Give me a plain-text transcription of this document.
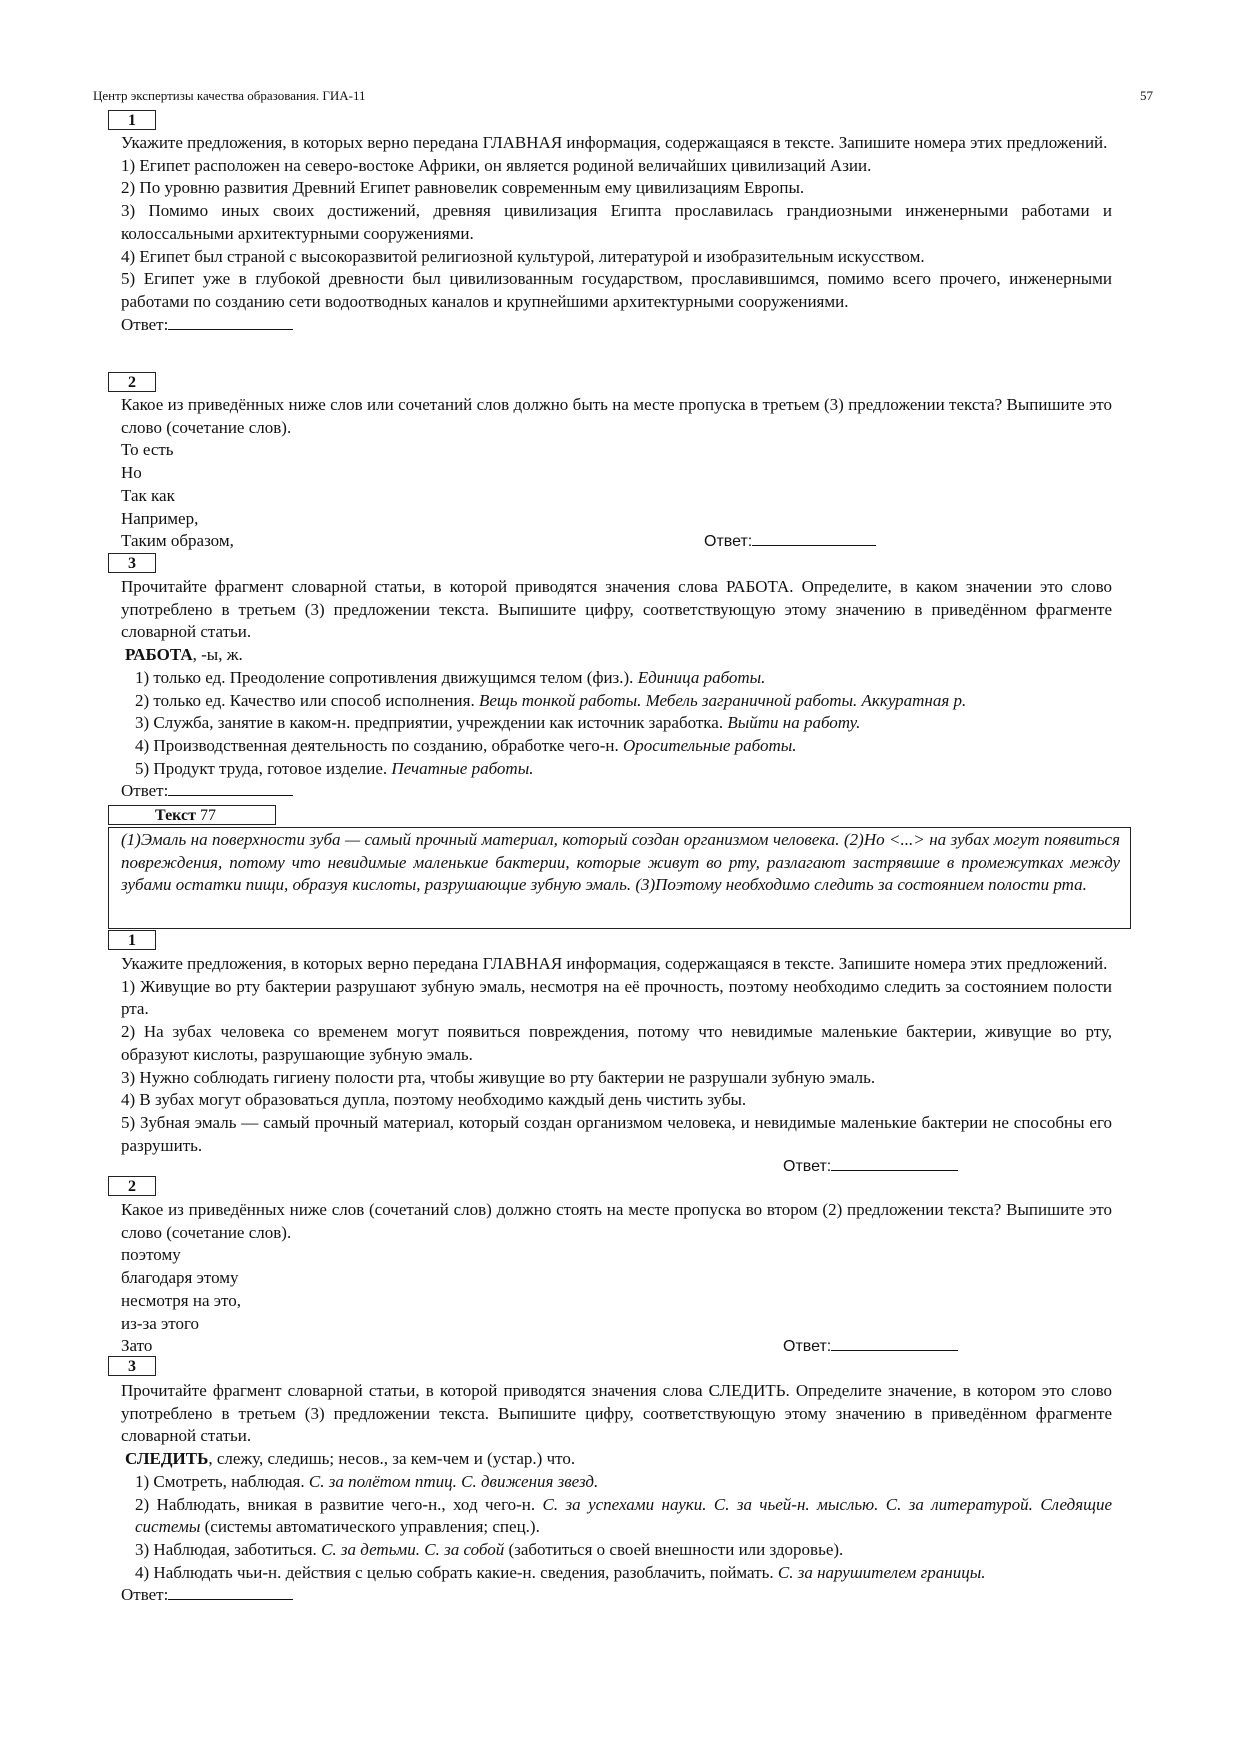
Центр экспертизы качества образования. ГИА-11	57
1

Укажите предложения, в которых верно передана ГЛАВНАЯ информация, содержащаяся в тексте. Запишите номера этих предложений.

1) Египет расположен на северо-востоке Африки, он является родиной величайших цивилизаций Азии.

2) По уровню развития Древний Египет равновелик современным ему цивилизациям Европы.

3) Помимо иных своих достижений, древняя цивилизация Египта прославилась грандиозными инженерными работами и колоссальными архитектурными сооружениями.

4) Египет был страной с высокоразвитой религиозной культурой, литературой и изобразительным искусством.

5) Египет уже в глубокой древности был цивилизованным государством, прославившимся, помимо всего прочего, инженерными работами по созданию сети водоотводных каналов и крупнейшими архитектурными сооружениями.

Ответ:

2

Какое из приведённых ниже слов или сочетаний слов должно быть на месте пропуска в третьем (3) предложении текста? Выпишите это слово (сочетание слов).

То есть

Но

Так как

Например,

Таким образом,	Ответ:
3

Прочитайте фрагмент словарной статьи, в которой приводятся значения слова РАБОТА. Определите, в каком значении это слово употреблено в третьем (3) предложении текста. Выпишите цифру, соответствующую этому значению в приведённом фрагменте словарной статьи.

РАБОТА, -ы, ж.

1) только ед. Преодоление сопротивления движущимся телом (физ.). Единица работы.

2) только ед. Качество или способ исполнения. Вещь тонкой работы. Мебель заграничной работы. Аккуратная р.

3) Служба, занятие в каком-н. предприятии, учреждении как источник заработка. Выйти на работу.

4) Производственная деятельность по созданию, обработке чего-н. Оросительные работы.

5) Продукт труда, готовое изделие. Печатные работы.

Ответ:

Текст 77
(1)Эмаль на поверхности зуба — самый прочный материал, который создан организмом человека. (2)Но <...> на зубах могут появиться повреждения, потому что невидимые маленькие бактерии, которые живут во рту, разлагают застрявшие в промежутках между зубами остатки пищи, образуя кислоты, разрушающие зубную эмаль. (3)Поэтому необходимо следить за состоянием полости рта.
1

Укажите предложения, в которых верно передана ГЛАВНАЯ информация, содержащаяся в тексте. Запишите номера этих предложений.

1) Живущие во рту бактерии разрушают зубную эмаль, несмотря на её прочность, поэтому необходимо следить за состоянием полости рта.

2) На зубах человека со временем могут появиться повреждения, потому что невидимые маленькие бактерии, живущие во рту, образуют кислоты, разрушающие зубную эмаль.

3) Нужно соблюдать гигиену полости рта, чтобы живущие во рту бактерии не разрушали зубную эмаль.

4) В зубах могут образоваться дупла, поэтому необходимо каждый день чистить зубы.

5) Зубная эмаль — самый прочный материал, который создан организмом человека, и невидимые маленькие бактерии не способны его разрушить.

Ответ:
2

Какое из приведённых ниже слов (сочетаний слов) должно стоять на месте пропуска во втором (2) предложении текста? Выпишите это слово (сочетание слов).

поэтому

благодаря этому

несмотря на это,

из-за этого

Зато	Ответ:
3

Прочитайте фрагмент словарной статьи, в которой приводятся значения слова СЛЕДИТЬ. Определите значение, в котором это слово употреблено в третьем (3) предложении текста. Выпишите цифру, соответствующую этому значению в приведённом фрагменте словарной статьи.

СЛЕДИТЬ, слежу, следишь; несов., за кем-чем и (устар.) что.

1) Смотреть, наблюдая. С. за полётом птиц. С. движения звезд.

2) Наблюдать, вникая в развитие чего-н., ход чего-н. С. за успехами науки. С. за чьей-н. мыслью. С. за литературой. Следящие системы (системы автоматического управления; спец.).

3) Наблюдая, заботиться. С. за детьми. С. за собой (заботиться о своей внешности или здоровье).

4) Наблюдать чьи-н. действия с целью собрать какие-н. сведения, разоблачить, поймать. С. за нарушителем границы.

Ответ:
